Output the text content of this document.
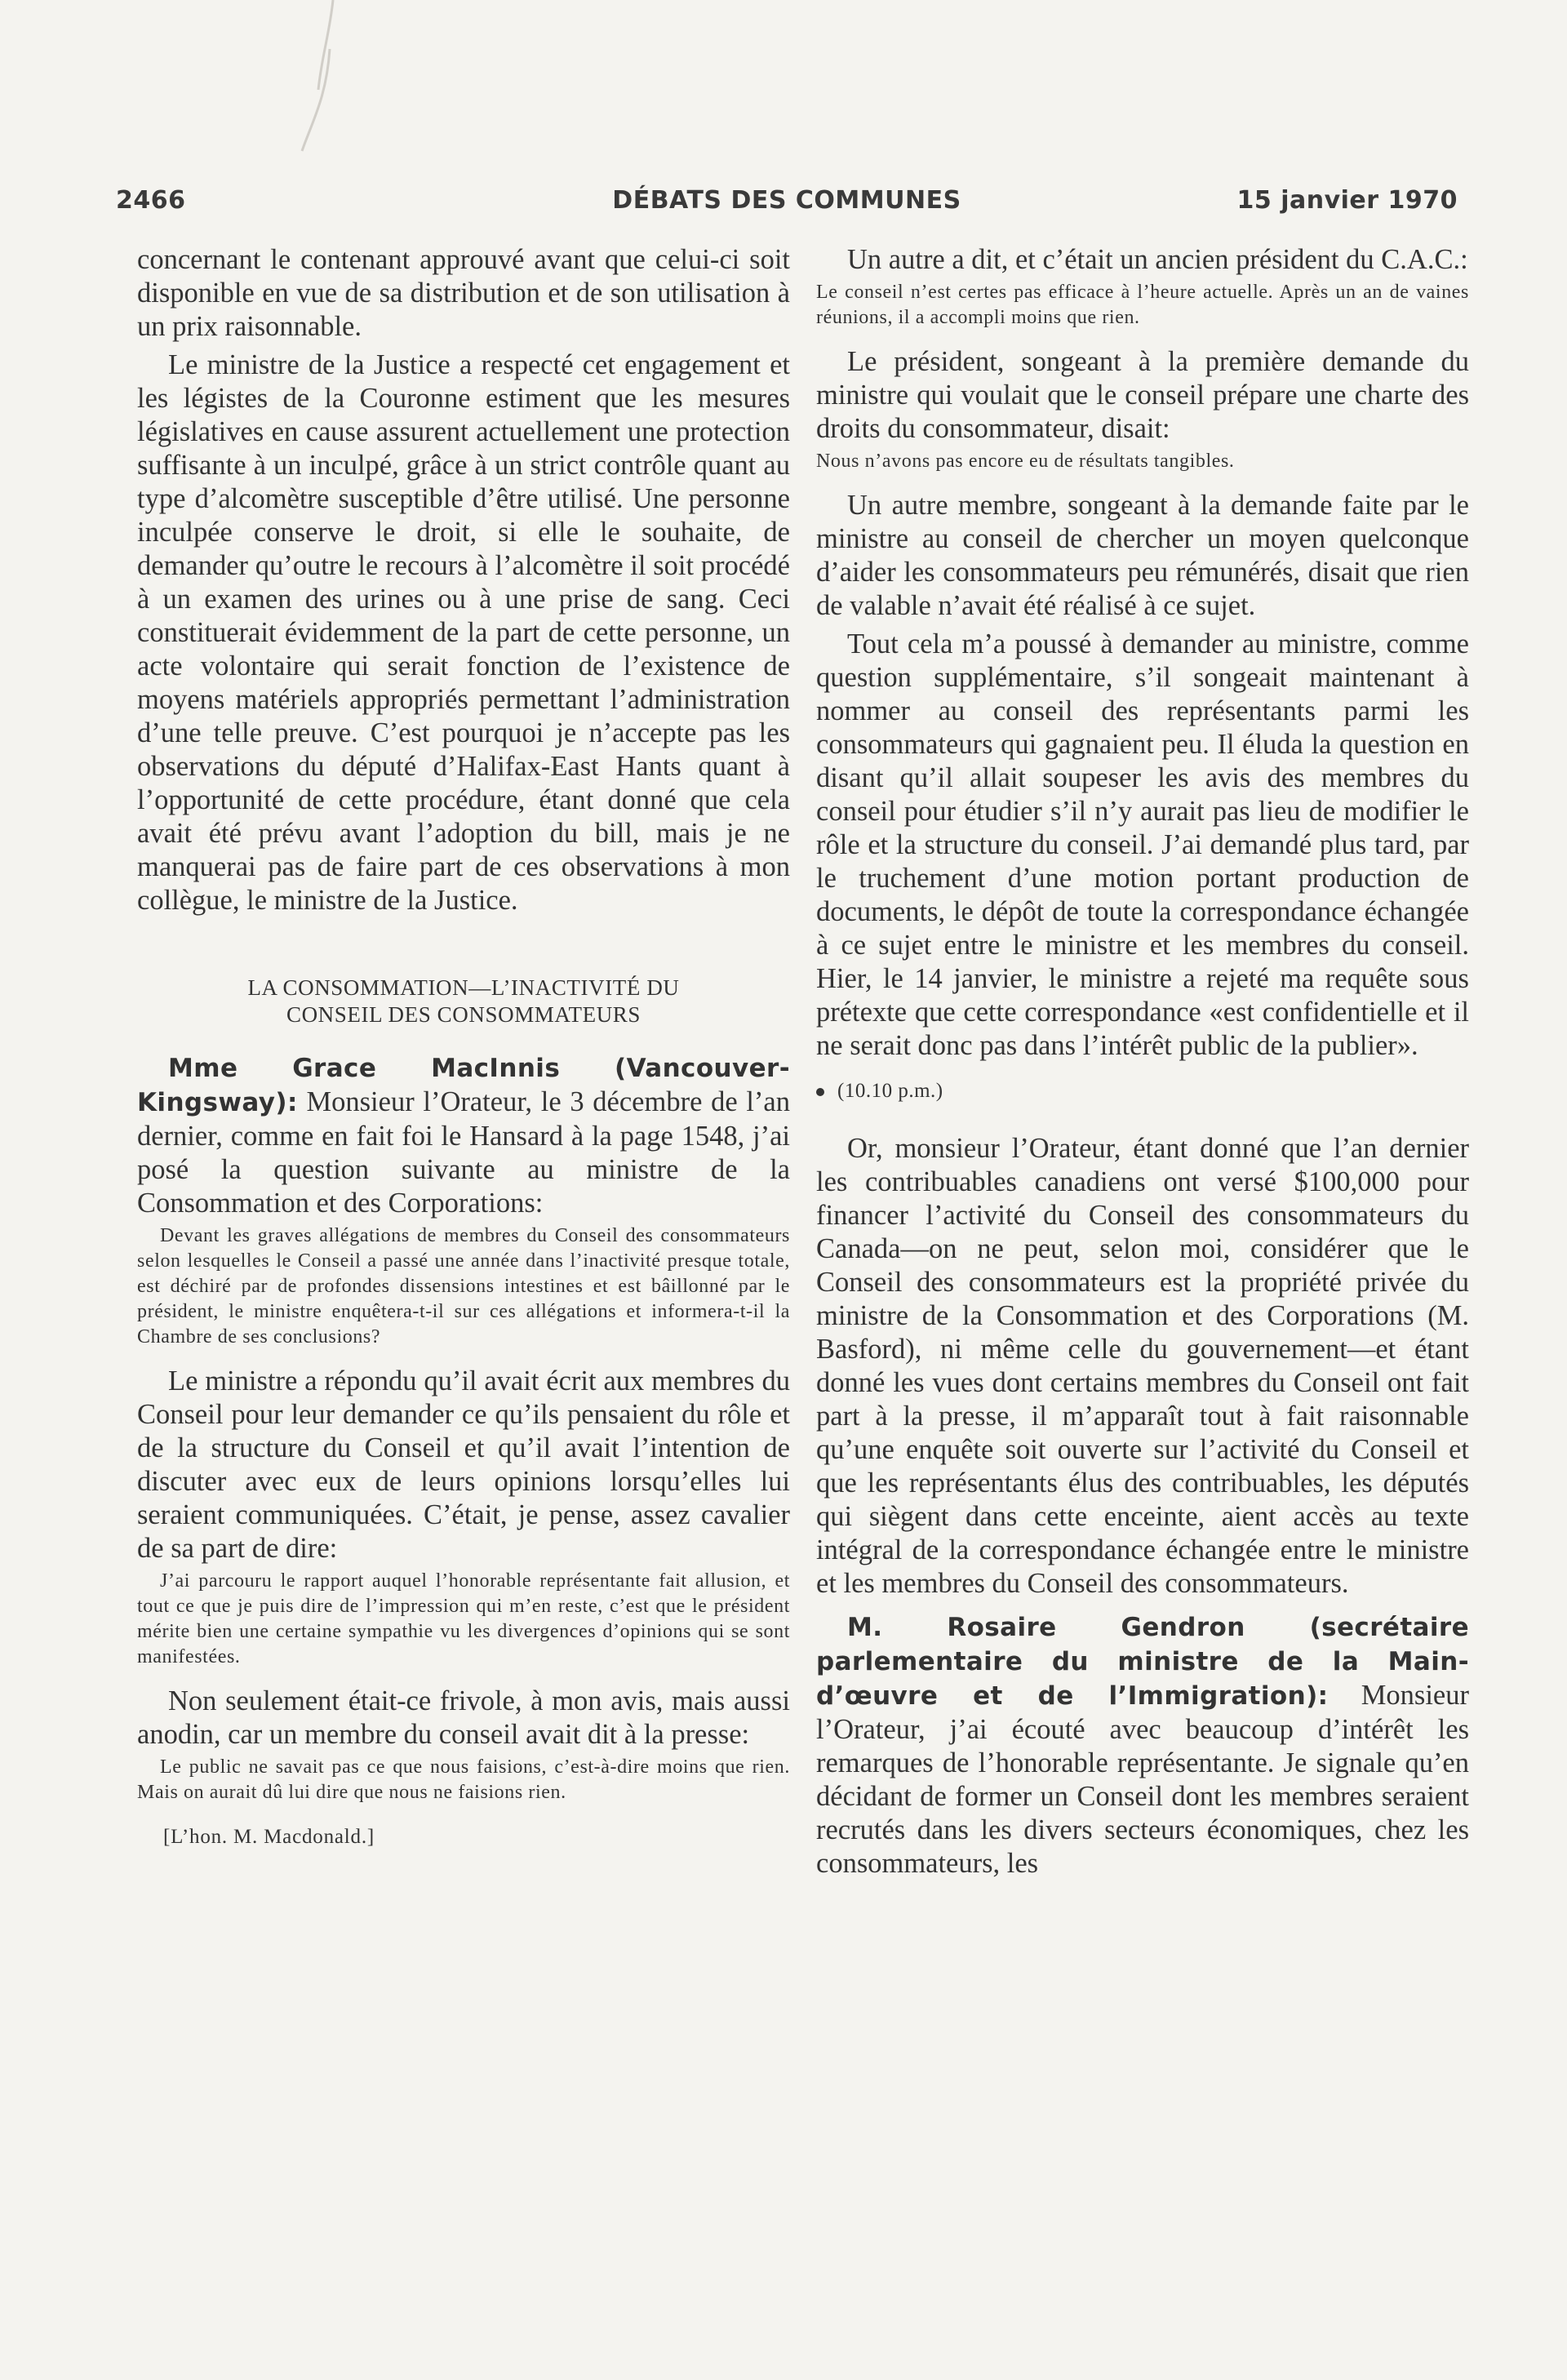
2466	DÉBATS DES COMMUNES	15 janvier 1970

concernant le contenant approuvé avant que celui-ci soit disponible en vue de sa distribution et de son utilisation à un prix raisonnable.

Le ministre de la Justice a respecté cet engagement et les légistes de la Couronne estiment que les mesures législatives en cause assurent actuellement une protection suffisante à un inculpé, grâce à un strict contrôle quant au type d’alcomètre susceptible d’être utilisé. Une personne inculpée conserve le droit, si elle le souhaite, de demander qu’outre le recours à l’alcomètre il soit procédé à un examen des urines ou à une prise de sang. Ceci constituerait évidemment de la part de cette personne, un acte volontaire qui serait fonction de l’existence de moyens matériels appropriés permettant l’administration d’une telle preuve. C’est pourquoi je n’accepte pas les observations du député d’Halifax-East Hants quant à l’opportunité de cette procédure, étant donné que cela avait été prévu avant l’adoption du bill, mais je ne manquerai pas de faire part de ces observations à mon collègue, le ministre de la Justice.

LA CONSOMMATION—L’INACTIVITÉ DU
CONSEIL DES CONSOMMATEURS

Mme Grace MacInnis (Vancouver-Kingsway): Monsieur l’Orateur, le 3 décembre de l’an dernier, comme en fait foi le Hansard à la page 1548, j’ai posé la question suivante au ministre de la Consommation et des Corporations:

Devant les graves allégations de membres du Conseil des consommateurs selon lesquelles le Conseil a passé une année dans l’inactivité presque totale, est déchiré par de profondes dissensions intestines et est bâillonné par le président, le ministre enquêtera-t-il sur ces allégations et informera-t-il la Chambre de ses conclusions?

Le ministre a répondu qu’il avait écrit aux membres du Conseil pour leur demander ce qu’ils pensaient du rôle et de la structure du Conseil et qu’il avait l’intention de discuter avec eux de leurs opinions lorsqu’elles lui seraient communiquées. C’était, je pense, assez cavalier de sa part de dire:

J’ai parcouru le rapport auquel l’honorable représentante fait allusion, et tout ce que je puis dire de l’impression qui m’en reste, c’est que le président mérite bien une certaine sympathie vu les divergences d’opinions qui se sont manifestées.

Non seulement était-ce frivole, à mon avis, mais aussi anodin, car un membre du conseil avait dit à la presse:

Le public ne savait pas ce que nous faisions, c’est-à-dire moins que rien. Mais on aurait dû lui dire que nous ne faisions rien.

[L’hon. M. Macdonald.]

Un autre a dit, et c’était un ancien président du C.A.C.:

Le conseil n’est certes pas efficace à l’heure actuelle. Après un an de vaines réunions, il a accompli moins que rien.

Le président, songeant à la première demande du ministre qui voulait que le conseil prépare une charte des droits du consommateur, disait:

Nous n’avons pas encore eu de résultats tangibles.

Un autre membre, songeant à la demande faite par le ministre au conseil de chercher un moyen quelconque d’aider les consommateurs peu rémunérés, disait que rien de valable n’avait été réalisé à ce sujet.

Tout cela m’a poussé à demander au ministre, comme question supplémentaire, s’il songeait maintenant à nommer au conseil des représentants parmi les consommateurs qui gagnaient peu. Il éluda la question en disant qu’il allait soupeser les avis des membres du conseil pour étudier s’il n’y aurait pas lieu de modifier le rôle et la structure du conseil. J’ai demandé plus tard, par le truchement d’une motion portant production de documents, le dépôt de toute la correspondance échangée à ce sujet entre le ministre et les membres du conseil. Hier, le 14 janvier, le ministre a rejeté ma requête sous prétexte que cette correspondance «est confidentielle et il ne serait donc pas dans l’intérêt public de la publier».

(10.10 p.m.)

Or, monsieur l’Orateur, étant donné que l’an dernier les contribuables canadiens ont versé $100,000 pour financer l’activité du Conseil des consommateurs du Canada—on ne peut, selon moi, considérer que le Conseil des consommateurs est la propriété privée du ministre de la Consommation et des Corporations (M. Basford), ni même celle du gouvernement—et étant donné les vues dont certains membres du Conseil ont fait part à la presse, il m’apparaît tout à fait raisonnable qu’une enquête soit ouverte sur l’activité du Conseil et que les représentants élus des contribuables, les députés qui siègent dans cette enceinte, aient accès au texte intégral de la correspondance échangée entre le ministre et les membres du Conseil des consommateurs.

M. Rosaire Gendron (secrétaire parlementaire du ministre de la Main-d’œuvre et de l’Immigration): Monsieur l’Orateur, j’ai écouté avec beaucoup d’intérêt les remarques de l’honorable représentante. Je signale qu’en décidant de former un Conseil dont les membres seraient recrutés dans les divers secteurs économiques, chez les consommateurs, les
